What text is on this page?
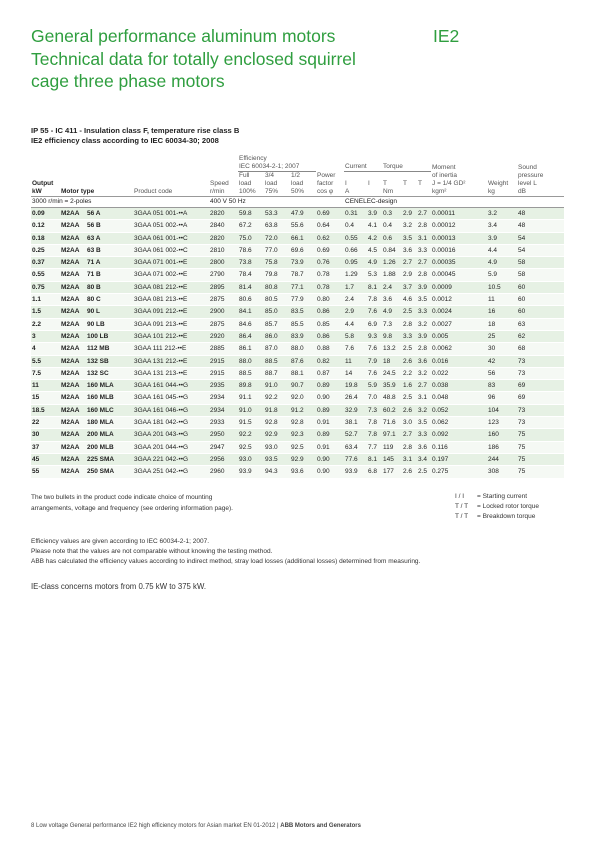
General performance aluminum motors
Technical data for totally enclosed squirrel
cage three phase motors
IE2
IP 55 - IC 411 - Insulation class F, temperature rise class B
IE2 efficiency class according to IEC 60034-30; 2008
					Efficiency											
					IEC 60034-2-1; 2007				Current		Torque			Moment		Sound
					Full	3/4	1/2	Power						of inertia		pressure
Output				Speed	load	load	load	factor	I	I	T	T	T	J = 1/4 GD²	Weight	level L
kW	Motor type		Product code	r/min	100%	75%	50%	cos φ	A		Nm			kgm²	kg	dB
3000 r/min = 2-poles				400 V 50 Hz					CENELEC-design							
0.09	M2AA	56 A	3GAA 051 001-••A	2820	59.8	53.3	47.9	0.69	0.31	3.9	0.3	2.9	2.7	0.00011	3.2	48
0.12	M2AA	56 B	3GAA 051 002-••A	2840	67.2	63.8	55.6	0.64	0.4	4.1	0.4	3.2	2.8	0.00012	3.4	48
0.18	M2AA	63 A	3GAA 061 001-••C	2820	75.0	72.0	66.1	0.62	0.55	4.2	0.6	3.5	3.1	0.00013	3.9	54
0.25	M2AA	63 B	3GAA 061 002-••C	2810	78.6	77.0	69.6	0.69	0.66	4.5	0.84	3.6	3.3	0.00016	4.4	54
0.37	M2AA	71 A	3GAA 071 001-••E	2800	73.8	75.8	73.9	0.76	0.95	4.9	1.26	2.7	2.7	0.00035	4.9	58
0.55	M2AA	71 B	3GAA 071 002-••E	2790	78.4	79.8	78.7	0.78	1.29	5.3	1.88	2.9	2.8	0.00045	5.9	58
0.75	M2AA	80 B	3GAA 081 212-••E	2895	81.4	80.8	77.1	0.78	1.7	8.1	2.4	3.7	3.9	0.0009	10.5	60
1.1	M2AA	80 C	3GAA 081 213-••E	2875	80.6	80.5	77.9	0.80	2.4	7.8	3.6	4.6	3.5	0.0012	11	60
1.5	M2AA	90 L	3GAA 091 212-••E	2900	84.1	85.0	83.5	0.86	2.9	7.6	4.9	2.5	3.3	0.0024	16	60
2.2	M2AA	90 LB	3GAA 091 213-••E	2875	84.6	85.7	85.5	0.85	4.4	6.9	7.3	2.8	3.2	0.0027	18	63
3	M2AA	100 LB	3GAA 101 212-••E	2920	86.4	86.0	83.9	0.86	5.8	9.3	9.8	3.3	3.9	0.005	25	62
4	M2AA	112 MB	3GAA 111 212-••E	2885	86.1	87.0	88.0	0.88	7.6	7.6	13.2	2.5	2.8	0.0062	30	68
5.5	M2AA	132 SB	3GAA 131 212-••E	2915	88.0	88.5	87.6	0.82	11	7.9	18	2.6	3.6	0.016	42	73
7.5	M2AA	132 SC	3GAA 131 213-••E	2915	88.5	88.7	88.1	0.87	14	7.6	24.5	2.2	3.2	0.022	56	73
11	M2AA	160 MLA	3GAA 161 044-••G	2935	89.8	91.0	90.7	0.89	19.8	5.9	35.9	1.6	2.7	0.038	83	69
15	M2AA	160 MLB	3GAA 161 045-••G	2934	91.1	92.2	92.0	0.90	26.4	7.0	48.8	2.5	3.1	0.048	96	69
18.5	M2AA	160 MLC	3GAA 161 046-••G	2934	91.0	91.8	91.2	0.89	32.9	7.3	60.2	2.6	3.2	0.052	104	73
22	M2AA	180 MLA	3GAA 181 042-••G	2933	91.5	92.8	92.8	0.91	38.1	7.8	71.6	3.0	3.5	0.062	123	73
30	M2AA	200 MLA	3GAA 201 043-••G	2950	92.2	92.9	92.3	0.89	52.7	7.8	97.1	2.7	3.3	0.092	160	75
37	M2AA	200 MLB	3GAA 201 044-••G	2947	92.5	93.0	92.5	0.91	63.4	7.7	119	2.8	3.6	0.116	186	75
45	M2AA	225 SMA	3GAA 221 042-••G	2956	93.0	93.5	92.9	0.90	77.6	8.1	145	3.1	3.4	0.197	244	75
55	M2AA	250 SMA	3GAA 251 042-••G	2960	93.9	94.3	93.6	0.90	93.9	6.8	177	2.6	2.5	0.275	308	75
The two bullets in the product code indicate choice of mounting
arrangements, voltage and frequency (see ordering information page).
I / I = Starting current
T / T = Locked rotor torque
T / T = Breakdown torque
Efficiency values are given according to IEC 60034-2-1; 2007.
Please note that the values are not comparable without knowing the testing method.
ABB has calculated the efficiency values according to indirect method, stray load losses (additional losses) determined from measuring.
IE-class concerns motors from 0.75 kW to 375 kW.
8 Low voltage General performance IE2 high efficiency motors for Asian market EN 01-2012 | ABB Motors and Generators
